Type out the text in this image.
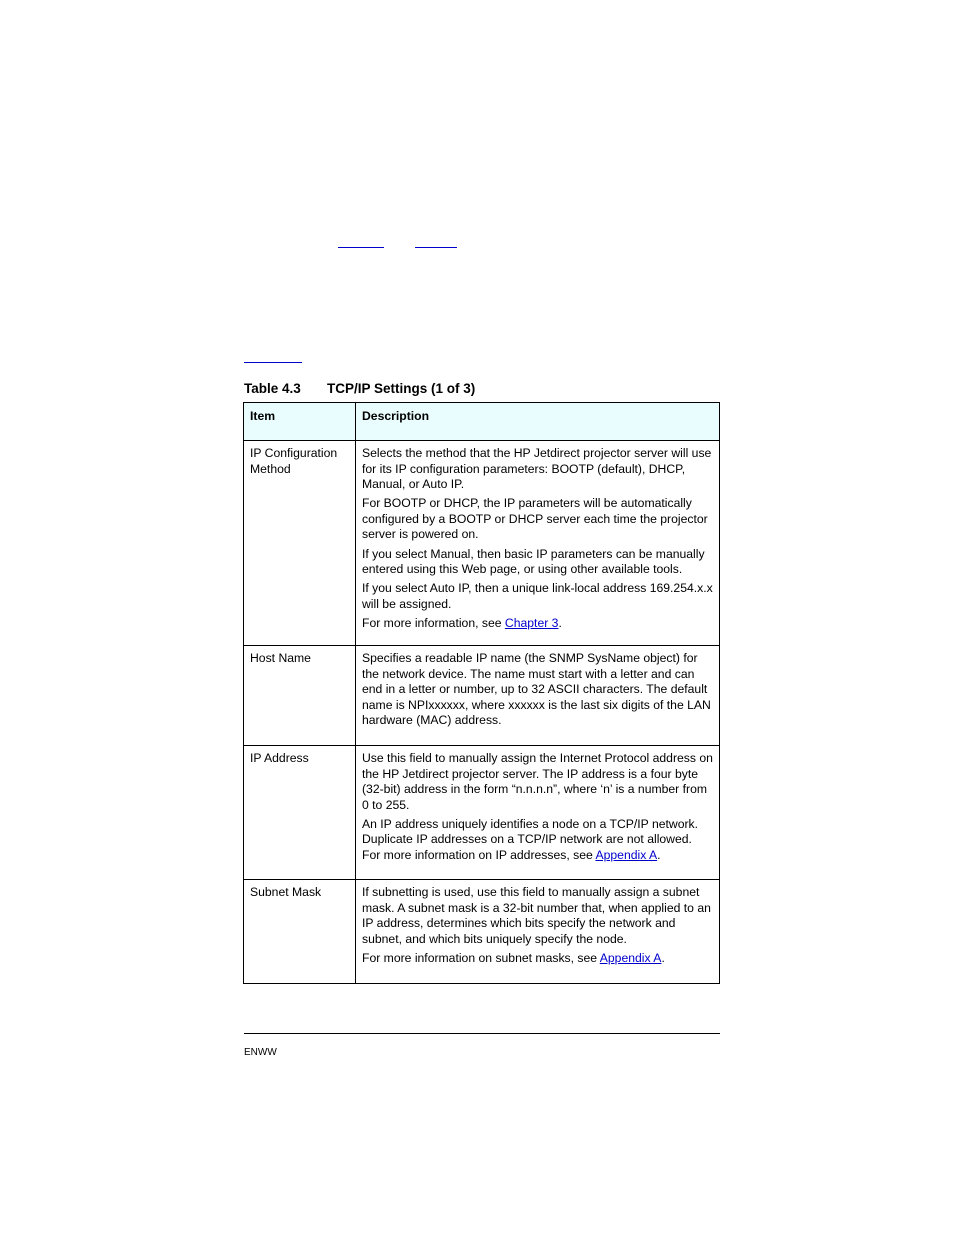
Table 4.3 TCP/IP Settings (1 of 3)
Item	Description
IP Configuration Method	Selects the method that the HP Jetdirect projector server will use for its IP configuration parameters: BOOTP (default), DHCP, Manual, or Auto IP.

For BOOTP or DHCP, the IP parameters will be automatically configured by a BOOTP or DHCP server each time the projector server is powered on.

If you select Manual, then basic IP parameters can be manually entered using this Web page, or using other available tools.

If you select Auto IP, then a unique link-local address 169.254.x.x will be assigned.

For more information, see Chapter 3.

Host Name	Specifies a readable IP name (the SNMP SysName object) for the network device. The name must start with a letter and can end in a letter or number, up to 32 ASCII characters. The default name is NPIxxxxxx, where xxxxxx is the last six digits of the LAN hardware (MAC) address.

IP Address	Use this field to manually assign the Internet Protocol address on the HP Jetdirect projector server. The IP address is a four byte (32-bit) address in the form “n.n.n.n”, where ‘n’ is a number from 0 to 255.

An IP address uniquely identifies a node on a TCP/IP network. Duplicate IP addresses on a TCP/IP network are not allowed. For more information on IP addresses, see Appendix A.

Subnet Mask	If subnetting is used, use this field to manually assign a subnet mask. A subnet mask is a 32-bit number that, when applied to an IP address, determines which bits specify the network and subnet, and which bits uniquely specify the node.

For more information on subnet masks, see Appendix A.

ENWW
